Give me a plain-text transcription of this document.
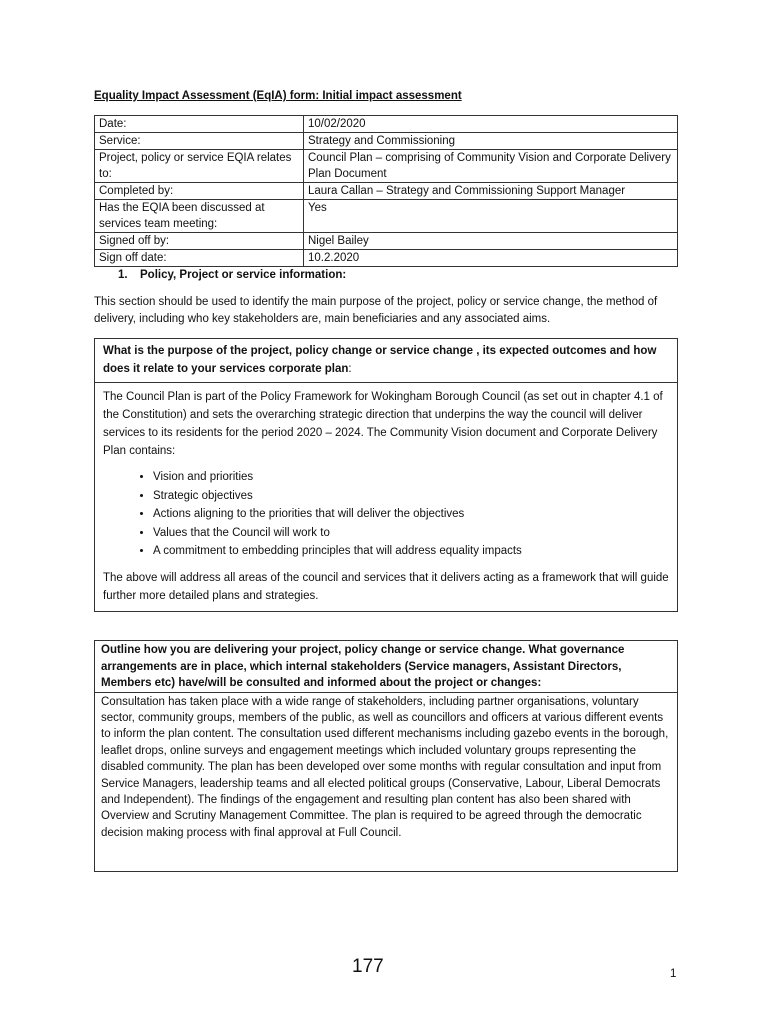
Equality Impact Assessment (EqIA) form: Initial impact assessment
Date:	10/02/2020
Service:	Strategy and Commissioning
Project, policy or service EQIA relates to:	Council Plan – comprising of Community Vision and Corporate Delivery Plan Document
Completed by:	Laura Callan – Strategy and Commissioning Support Manager
Has the EQIA been discussed at services team meeting:	Yes
Signed off by:	Nigel Bailey
Sign off date:	10.2.2020
1. Policy, Project or service information:
This section should be used to identify the main purpose of the project, policy or service change, the method of delivery, including who key stakeholders are, main beneficiaries and any associated aims.
What is the purpose of the project, policy change or service change , its expected outcomes and how does it relate to your services corporate plan:
The Council Plan is part of the Policy Framework for Wokingham Borough Council (as set out in chapter 4.1 of the Constitution) and sets the overarching strategic direction that underpins the way the council will deliver services to its residents for the period 2020 – 2024. The Community Vision document and Corporate Delivery Plan contains:
• Vision and priorities
• Strategic objectives
• Actions aligning to the priorities that will deliver the objectives
• Values that the Council will work to
• A commitment to embedding principles that will address equality impacts
The above will address all areas of the council and services that it delivers acting as a framework that will guide further more detailed plans and strategies.
Outline how you are delivering your project, policy change or service change. What governance arrangements are in place, which internal stakeholders (Service managers, Assistant Directors, Members etc) have/will be consulted and informed about the project or changes:
Consultation has taken place with a wide range of stakeholders, including partner organisations, voluntary sector, community groups, members of the public, as well as councillors and officers at various different events to inform the plan content. The consultation used different mechanisms including gazebo events in the borough, leaflet drops, online surveys and engagement meetings which included voluntary groups representing the disabled community. The plan has been developed over some months with regular consultation and input from Service Managers, leadership teams and all elected political groups (Conservative, Labour, Liberal Democrats and Independent). The findings of the engagement and resulting plan content has also been shared with Overview and Scrutiny Management Committee. The plan is required to be agreed through the democratic decision making process with final approval at Full Council.
177	1
